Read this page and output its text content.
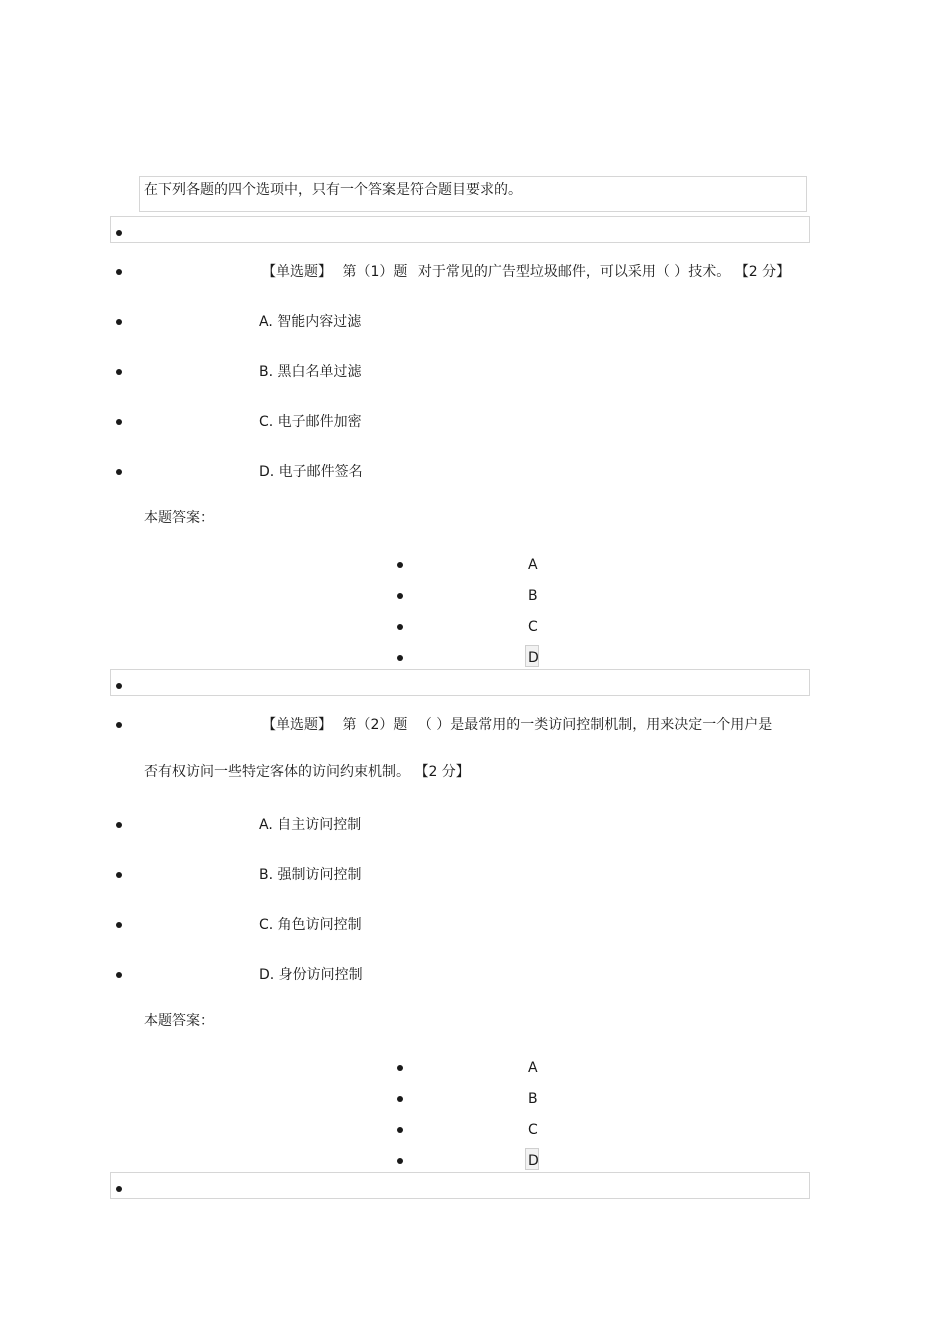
在下列各题的四个选项中，只有一个答案是符合题目要求的。
【单选题】 第（1）题 对于常见的广告型垃圾邮件，可以采用（ ）技术。 【2 分】
A. 智能内容过滤
B. 黑白名单过滤
C. 电子邮件加密
D. 电子邮件签名
本题答案：
A
B
C
D
【单选题】 第（2）题 （ ）是最常用的一类访问控制机制，用来决定一个用户是
否有权访问一些特定客体的访问约束机制。 【2 分】
A. 自主访问控制
B. 强制访问控制
C. 角色访问控制
D. 身份访问控制
本题答案：
A
B
C
D
